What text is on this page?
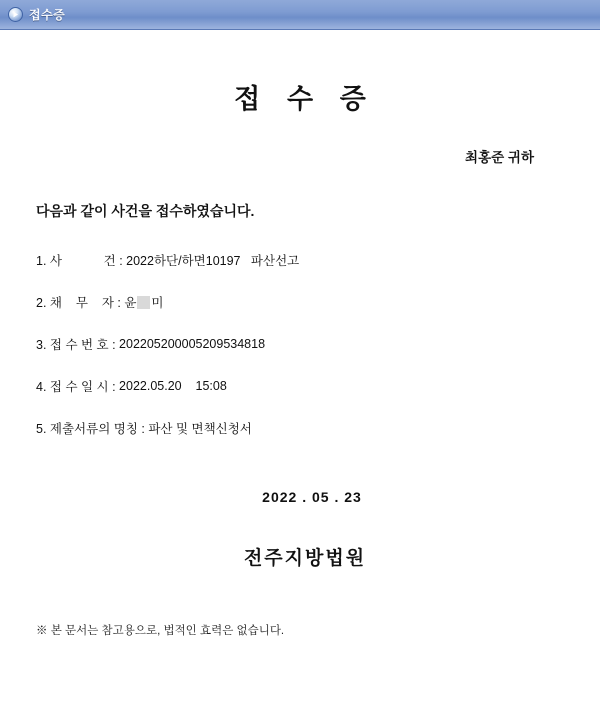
접수증
접 수 증
최홍준 귀하
다음과 같이 사건을 접수하였습니다.
1. 사            건 :
2022하단/하면10197   파산선고
2. 채    무    자 :
윤 미
3. 접 수 번 호 :
202205200005209534818
4. 접 수 일 시 :
2022.05.20    15:08
5. 제출서류의 명칭 :
파산 및 면책신청서
2022 . 05 . 23
전주지방법원
※ 본 문서는 참고용으로, 법적인 효력은 없습니다.
